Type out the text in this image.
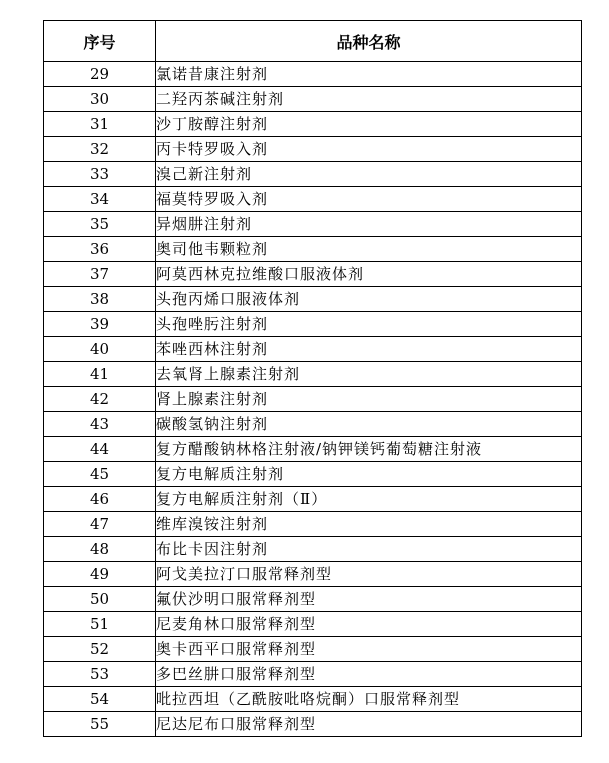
序号	品种名称
29	氯诺昔康注射剂
30	二羟丙茶碱注射剂
31	沙丁胺醇注射剂
32	丙卡特罗吸入剂
33	溴己新注射剂
34	福莫特罗吸入剂
35	异烟肼注射剂
36	奥司他韦颗粒剂
37	阿莫西林克拉维酸口服液体剂
38	头孢丙烯口服液体剂
39	头孢唑肟注射剂
40	苯唑西林注射剂
41	去氧肾上腺素注射剂
42	肾上腺素注射剂
43	碳酸氢钠注射剂
44	复方醋酸钠林格注射液/钠钾镁钙葡萄糖注射液
45	复方电解质注射剂
46	复方电解质注射剂（Ⅱ）
47	维库溴铵注射剂
48	布比卡因注射剂
49	阿戈美拉汀口服常释剂型
50	氟伏沙明口服常释剂型
51	尼麦角林口服常释剂型
52	奥卡西平口服常释剂型
53	多巴丝肼口服常释剂型
54	吡拉西坦（乙酰胺吡咯烷酮）口服常释剂型
55	尼达尼布口服常释剂型
